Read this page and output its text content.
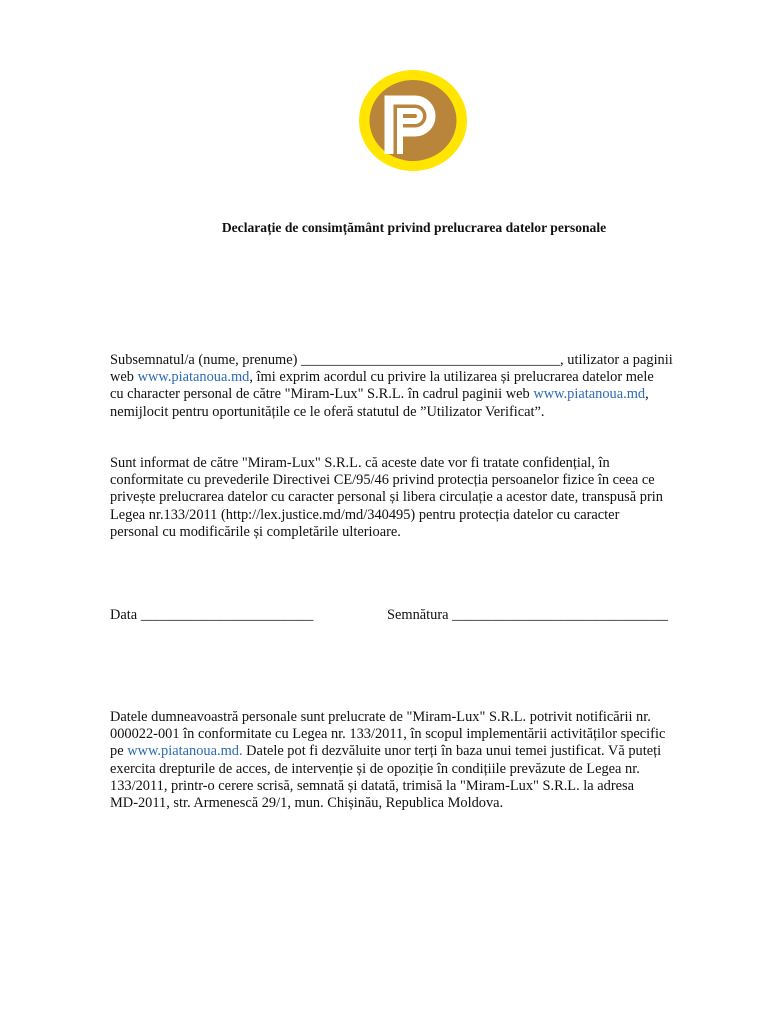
Declarație de consimțământ privind prelucrarea datelor personale
Subsemnatul/a (nume, prenume) ____________________________________, utilizator a paginii
web www.piatanoua.md, îmi exprim acordul cu privire la utilizarea și prelucrarea datelor mele
cu character personal de către "Miram-Lux" S.R.L. în cadrul paginii web www.piatanoua.md,
nemijlocit pentru oportunitățile ce le oferă statutul de ”Utilizator Verificat”.
Sunt informat de către "Miram-Lux" S.R.L. că aceste date vor fi tratate confidențial, în
conformitate cu prevederile Directivei CE/95/46 privind protecția persoanelor fizice în ceea ce
privește prelucrarea datelor cu caracter personal și libera circulație a acestor date, transpusă prin
Legea nr.133/2011 (http://lex.justice.md/md/340495) pentru protecția datelor cu caracter
personal cu modificările și completările ulterioare.
Data ________________________	Semnătura ______________________________
Datele dumneavoastră personale sunt prelucrate de "Miram-Lux" S.R.L. potrivit notificării nr.
000022-001 în conformitate cu Legea nr. 133/2011, în scopul implementării activităților specific
pe www.piatanoua.md. Datele pot fi dezvăluite unor terți în baza unui temei justificat. Vă puteți
exercita drepturile de acces, de intervenție și de opoziție în condițiile prevăzute de Legea nr.
133/2011, printr-o cerere scrisă, semnată și datată, trimisă la "Miram-Lux" S.R.L. la adresa
MD-2011, str. Armenescă 29/1, mun. Chișinău, Republica Moldova.
